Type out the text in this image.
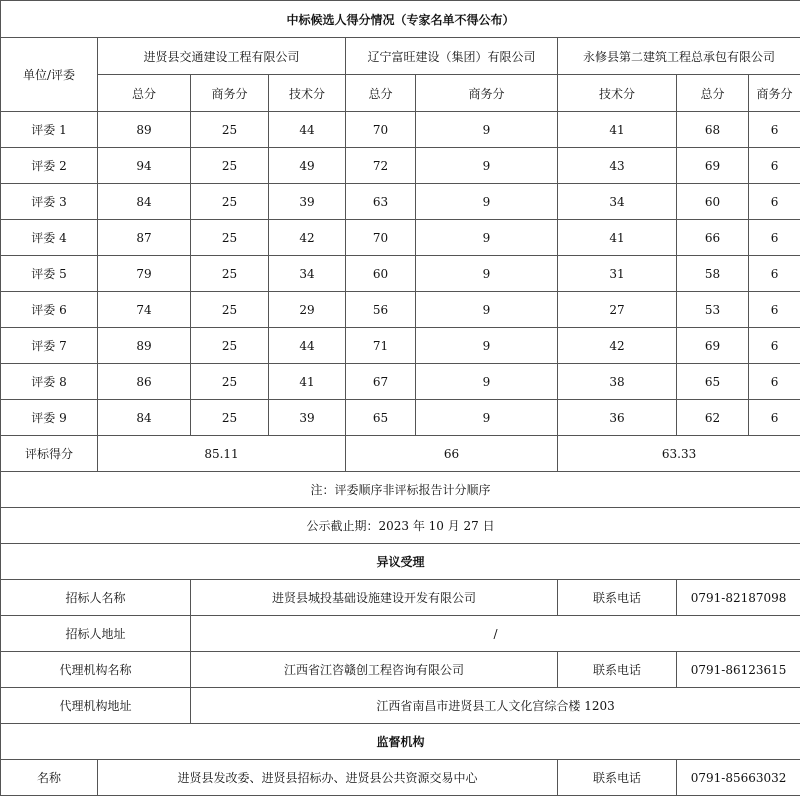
中标候选人得分情况（专家名单不得公布）									
单位/评委	进贤县交通建设工程有限公司			辽宁富旺建设（集团）有限公司		永修县第二建筑工程总承包有限公司			
	总分	商务分	技术分	总分	商务分	技术分	总分	商务分	
评委 1	89	25	44	70	9	41	68	6	
评委 2	94	25	49	72	9	43	69	6	
评委 3	84	25	39	63	9	34	60	6	
评委 4	87	25	42	70	9	41	66	6	
评委 5	79	25	34	60	9	31	58	6	
评委 6	74	25	29	56	9	27	53	6	
评委 7	89	25	44	71	9	42	69	6	
评委 8	86	25	41	67	9	38	65	6	
评委 9	84	25	39	65	9	36	62	6	
评标得分	85.11			66		63.33			
注：评委顺序非评标报告计分顺序									
公示截止期：2023 年 10 月 27 日									
异议受理									
招标人名称		进贤县城投基础设施建设开发有限公司				联系电话	0791-82187098		
招标人地址		/							
代理机构名称		江西省江咨赣创工程咨询有限公司				联系电话	0791-86123615		
代理机构地址		江西省南昌市进贤县工人文化宫综合楼 1203							
监督机构									
名称	进贤县发改委、进贤县招标办、进贤县公共资源交易中心					联系电话	0791-85663032		
